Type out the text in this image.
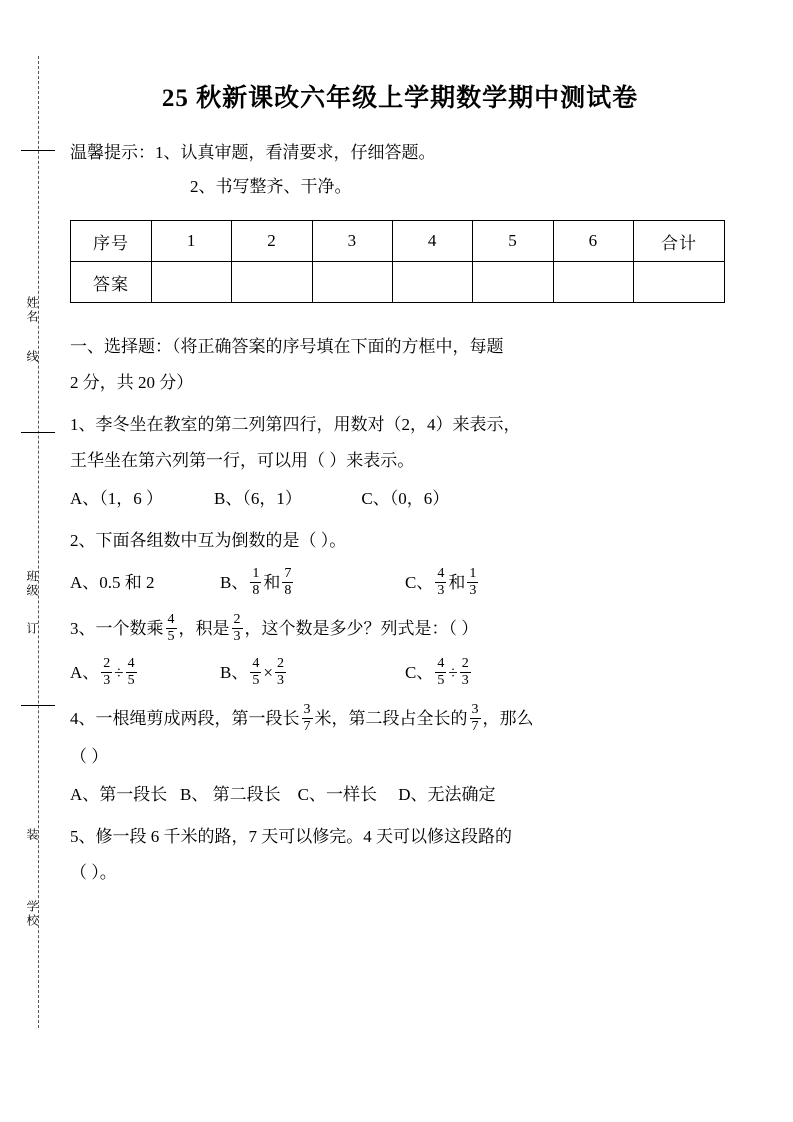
姓名
线
班级
订
装
学校
25 秋新课改六年级上学期数学期中测试卷
温馨提示：1、认真审题，看清要求，仔细答题。
2、书写整齐、干净。
序号	1	2	3	4	5	6	合计
答案							
一、选择题：（将正确答案的序号填在下面的方框中，每题
2 分，共 20 分）
1、李冬坐在教室的第二列第四行，用数对（2，4）来表示，
王华坐在第六列第一行，可以用（ ）来表示。
A、（1，6 ）            B、（6，1）              C、（0，6）
2、下面各组数中互为倒数的是（ ）。
A、0.5 和 2	B、 $\frac{1}{8}$ 和 $\frac{7}{8}$	C、 $\frac{4}{3}$ 和 $\frac{1}{3}$
3、一个数乘 $\frac{4}{5}$ ，积是 $\frac{2}{3}$ ，这个数是多少？列式是：（ ）
A、 $\frac{2}{3} \div \frac{4}{5}$	B、 $\frac{4}{5} \times \frac{2}{3}$	C、 $\frac{4}{5} \div \frac{2}{3}$
4、一根绳剪成两段，第一段长 $\frac{3}{7}$ 米，第二段占全长的 $\frac{3}{7}$ ，那么
（ ）
A、第一段长   B、 第二段长    C、一样长     D、无法确定
5、修一段 6 千米的路，7 天可以修完。4 天可以修这段路的
（ ）。
